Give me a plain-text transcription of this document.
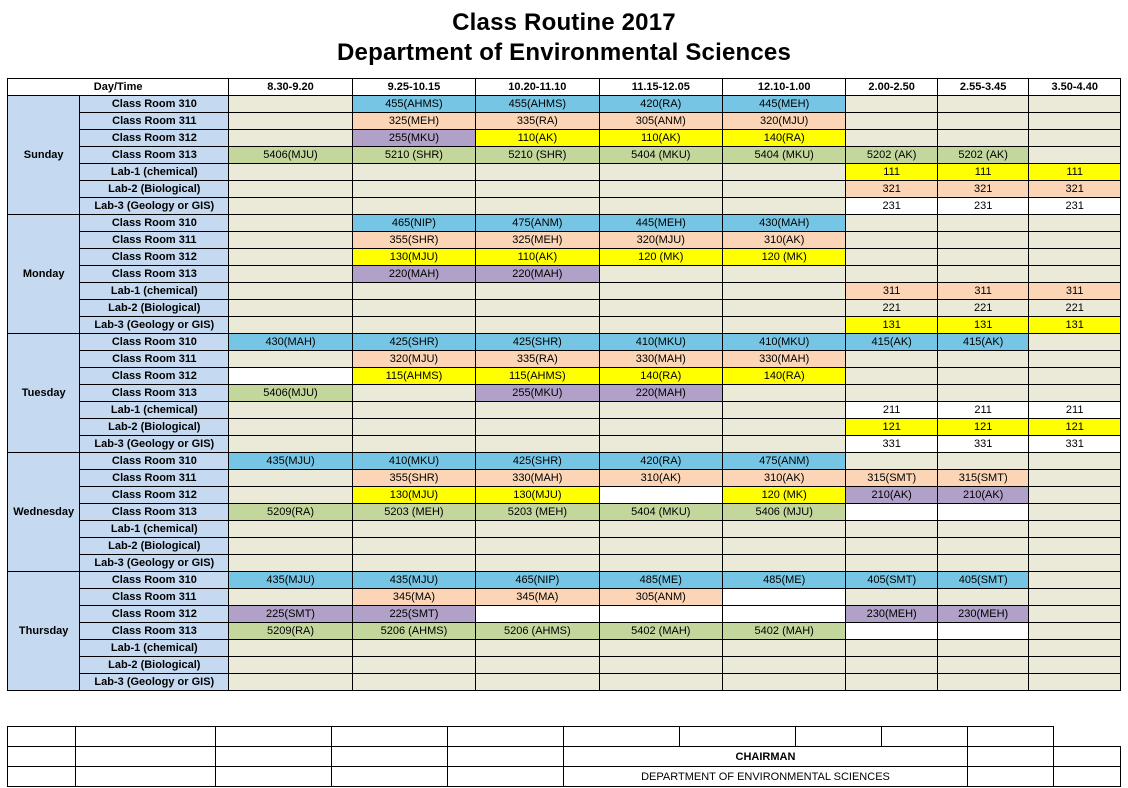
Class Routine 2017
Department of Environmental Sciences
Day/Time		8.30-9.20	9.25-10.15	10.20-11.10	11.15-12.05	12.10-1.00	2.00-2.50	2.55-3.45	3.50-4.40
Sunday	Class Room 310		455(AHMS)	455(AHMS)	420(RA)	445(MEH)			
	Class Room 311		325(MEH)	335(RA)	305(ANM)	320(MJU)			
	Class Room 312		255(MKU)	110(AK)	110(AK)	140(RA)			
	Class Room 313	5406(MJU)	5210 (SHR)	5210 (SHR)	5404 (MKU)	5404 (MKU)	5202 (AK)	5202 (AK)	
	Lab-1 (chemical)						111	111	111
	Lab-2 (Biological)						321	321	321
	Lab-3 (Geology or GIS)						231	231	231
Monday	Class Room 310		465(NIP)	475(ANM)	445(MEH)	430(MAH)			
	Class Room 311		355(SHR)	325(MEH)	320(MJU)	310(AK)			
	Class Room 312		130(MJU)	110(AK)	120 (MK)	120 (MK)			
	Class Room 313		220(MAH)	220(MAH)					
	Lab-1 (chemical)						311	311	311
	Lab-2 (Biological)						221	221	221
	Lab-3 (Geology or GIS)						131	131	131
Tuesday	Class Room 310	430(MAH)	425(SHR)	425(SHR)	410(MKU)	410(MKU)	415(AK)	415(AK)	
	Class Room 311		320(MJU)	335(RA)	330(MAH)	330(MAH)			
	Class Room 312		115(AHMS)	115(AHMS)	140(RA)	140(RA)			
	Class Room 313	5406(MJU)		255(MKU)	220(MAH)				
	Lab-1 (chemical)						211	211	211
	Lab-2 (Biological)						121	121	121
	Lab-3 (Geology or GIS)						331	331	331
Wednesday	Class Room 310	435(MJU)	410(MKU)	425(SHR)	420(RA)	475(ANM)			
	Class Room 311		355(SHR)	330(MAH)	310(AK)	310(AK)	315(SMT)	315(SMT)	
	Class Room 312		130(MJU)	130(MJU)		120 (MK)	210(AK)	210(AK)	
	Class Room 313	5209(RA)	5203 (MEH)	5203 (MEH)	5404 (MKU)	5406 (MJU)			
	Lab-1 (chemical)								
	Lab-2 (Biological)								
	Lab-3 (Geology or GIS)								
Thursday	Class Room 310	435(MJU)	435(MJU)	465(NIP)	485(ME)	485(ME)	405(SMT)	405(SMT)	
	Class Room 311		345(MA)	345(MA)	305(ANM)				
	Class Room 312	225(SMT)	225(SMT)				230(MEH)	230(MEH)	
	Class Room 313	5209(RA)	5206 (AHMS)	5206 (AHMS)	5402 (MAH)	5402 (MAH)			
	Lab-1 (chemical)								
	Lab-2 (Biological)								
	Lab-3 (Geology or GIS)								

					CHAIRMAN					
					DEPARTMENT OF ENVIRONMENTAL SCIENCES					
